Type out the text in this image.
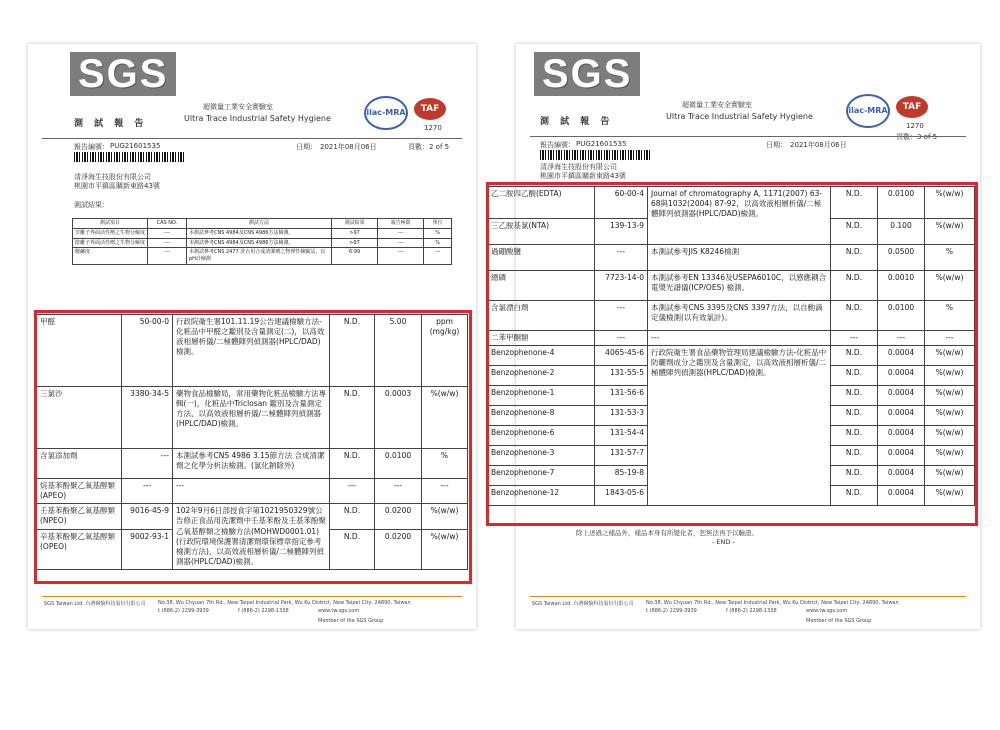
SGS
超微量工業安全實驗室
Ultra Trace Industrial Safety Hygiene
測 試 報 告
ilac-MRA	TAF
1270
報告編號： PUG21601535	日期： 2021年08月06日	頁數：2 of 5
清淨海生技股份有限公司
桃園市平鎮區關新東路43號
測試結果：
測試項目	CAS NO.	測試方法	測試結果	報告極限	單位
非離子界面活性劑之生物分解度	---	本測試參考CNS 4984及CNS 4986方法檢測。	>97	---	%
陰離子界面活性劑之生物分解度	---	本測試參考CNS 4984及CNS 4986方法檢測。	>97	---	%
酸鹼度	---	本測試參考CNS 2477 洗衣用合成清潔劑之物理性檢驗法，以pH計檢測	6.99	---	---
甲醛	50-00-0	行政院衛生署101.11.19公告建議檢驗方法-化粧品中甲醛之鑑別及含量測定(二)，以高效液相層析儀/二極體陣列偵測器(HPLC/DAD)檢測。	N.D.	5.00	ppm (mg/kg)
三氯沙	3380-34-5	藥物食品檢驗局，常用藥物化粧品檢驗方法專輯(一)，化粧品中Triclosan 鑑別及含量測定方法，以高效液相層析儀/二極體陣列偵測器(HPLC/DAD)檢測。	N.D.	0.0003	%(w/w)
含氯添加劑	---	本測試參考CNS 4986 3.15節方法 合成清潔劑之化學分析法檢測。(氯化鈉除外)	N.D.	0.0100	%
烷基苯酚聚乙氧基醇類(APEO)	---	---	---	---	---
壬基苯酚聚乙氧基醇類(NPEO)	9016-45-9	102年9月6日部授食字第1021950329號公告修正食品用洗潔劑中壬基苯酚及壬基苯酚聚乙氧基醇類之檢驗方法(MOHWD0001.01)(行政院環境保護署清潔劑環保標章指定參考檢測方法)，以高效液相層析儀/二極體陣列偵測器(HPLC/DAD)檢測。	N.D.	0.0200	%(w/w)
辛基苯酚聚乙氧基醇類(OPEO)	9002-93-1		N.D.	0.0200	%(w/w)
SGS Taiwan Ltd. 台灣檢驗科技股份有限公司 No.38, Wu Chyuan 7th Rd., New Taipei Industrial Park, Wu Ku District, New Taipei City, 24890, Taiwan
t (886-2) 2299-3939	f (886-2) 2298-1338	www.tw.sgs.com
Member of the SGS Group
SGS
超微量工業安全實驗室
Ultra Trace Industrial Safety Hygiene
測 試 報 告
ilac-MRA	TAF
1270
報告編號： PUG21601535	日期： 2021年08月06日
頁數：3 of 5
清淨海生技股份有限公司
桃園市平鎮區關新東路43號
乙二胺四乙酸(EDTA)	60-00-4	Journal of chromatography A, 1171(2007) 63-68與1032(2004) 87-92，以高效液相層析儀/二極體陣列偵測器(HPLC/DAD)檢測。	N.D.	0.0100	%(w/w)
三乙胺基氯(NTA)	139-13-9		N.D.	0.100	%(w/w)
過硼酸鹽	---	本測試參考JIS K8246檢測	N.D.	0.0500	%
總磷	7723-14-0	本測試參考EN 13346及USEPA6010C，以感應耦合電漿光譜儀(ICP/OES) 檢測。	N.D.	0.0010	%(w/w)
含氯漂白劑	---	本測試參考CNS 3395及CNS 3397方法，以自動滴定儀檢測(以有效氯計)。	N.D.	0.0100	%
二苯甲酮類	---	---	---	---	---
Benzophenone-4	4065-45-6	行政院衛生署食品藥物管理局建議檢驗方法-化粧品中防曬劑成分之鑑別及含量測定，以高效液相層析儀/二極體陣列偵測器(HPLC/DAD)檢測。	N.D.	0.0004	%(w/w)
Benzophenone-2	131-55-5		N.D.	0.0004	%(w/w)
Benzophenone-1	131-56-6		N.D.	0.0004	%(w/w)
Benzophenone-8	131-53-3		N.D.	0.0004	%(w/w)
Benzophenone-6	131-54-4		N.D.	0.0004	%(w/w)
Benzophenone-3	131-57-7		N.D.	0.0004	%(w/w)
Benzophenone-7	85-19-8		N.D.	0.0004	%(w/w)
Benzophenone-12	1843-05-6		N.D.	0.0004	%(w/w)
除上述過之樣品外，樣品本身有所變化者，恕無法再予以驗證。
- END -
SGS Taiwan Ltd. 台灣檢驗科技股份有限公司 No.38, Wu Chyuan 7th Rd., New Taipei Industrial Park, Wu Ku District, New Taipei City, 24890, Taiwan
t (886-2) 2299-3939	f (886-2) 2298-1338	www.tw.sgs.com
Member of the SGS Group
